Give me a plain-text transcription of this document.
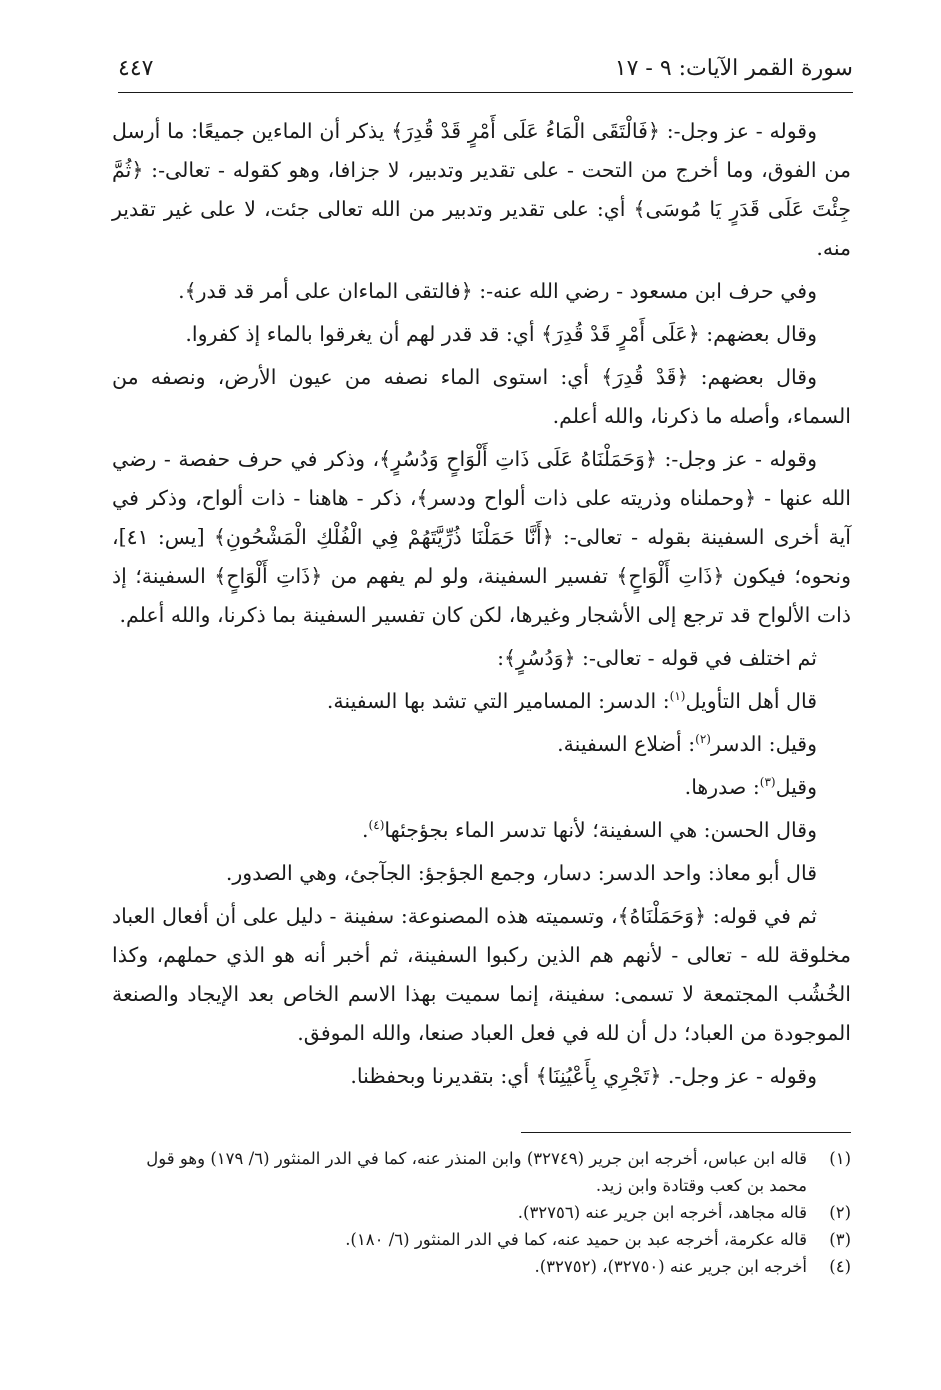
سورة القمر الآيات: ٩ - ١٧
٤٤٧

وقوله - عز وجل-: ﴿فَالْتَقَى الْمَاءُ عَلَى أَمْرٍ قَدْ قُدِرَ﴾ يذكر أن الماءين جميعًا: ما أرسل من الفوق، وما أخرج من التحت - على تقدير وتدبير، لا جزافا، وهو كقوله - تعالى-: ﴿ثُمَّ جِئْتَ عَلَى قَدَرٍ يَا مُوسَى﴾ أي: على تقدير وتدبير من الله تعالى جئت، لا على غير تقدير منه.

وفي حرف ابن مسعود - رضي الله عنه-: ﴿فالتقى الماءان على أمر قد قدر﴾.

وقال بعضهم: ﴿عَلَى أَمْرٍ قَدْ قُدِرَ﴾ أي: قد قدر لهم أن يغرقوا بالماء إذ كفروا.

وقال بعضهم: ﴿قَدْ قُدِرَ﴾ أي: استوى الماء نصفه من عيون الأرض، ونصفه من السماء، وأصله ما ذكرنا، والله أعلم.

وقوله - عز وجل-: ﴿وَحَمَلْنَاهُ عَلَى ذَاتِ أَلْوَاحٍ وَدُسُرٍ﴾، وذكر في حرف حفصة - رضي الله عنها - ﴿وحملناه وذريته على ذات ألواح ودسر﴾، ذكر - هاهنا - ذات ألواح، وذكر في آية أخرى السفينة بقوله - تعالى-: ﴿أَنَّا حَمَلْنَا ذُرِّيَّتَهُمْ فِي الْفُلْكِ الْمَشْحُونِ﴾ [يس: ٤١]، ونحوه؛ فيكون ﴿ذَاتِ أَلْوَاحٍ﴾ تفسير السفينة، ولو لم يفهم من ﴿ذَاتِ أَلْوَاحٍ﴾ السفينة؛ إذ ذات الألواح قد ترجع إلى الأشجار وغيرها، لكن كان تفسير السفينة بما ذكرنا، والله أعلم.

ثم اختلف في قوله - تعالى-: ﴿وَدُسُرٍ﴾:

قال أهل التأويل$^{(١)}$: الدسر: المسامير التي تشد بها السفينة.

وقيل: الدسر$^{(٢)}$: أضلاع السفينة.

وقيل$^{(٣)}$: صدرها.

وقال الحسن: هي السفينة؛ لأنها تدسر الماء بجؤجئها$^{(٤)}$.

قال أبو معاذ: واحد الدسر: دسار، وجمع الجؤجؤ: الجآجئ، وهي الصدور.

ثم في قوله: ﴿وَحَمَلْنَاهُ﴾، وتسميته هذه المصنوعة: سفينة - دليل على أن أفعال العباد مخلوقة لله - تعالى - لأنهم هم الذين ركبوا السفينة، ثم أخبر أنه هو الذي حملهم، وكذا الخُشُب المجتمعة لا تسمى: سفينة، إنما سميت بهذا الاسم الخاص بعد الإيجاد والصنعة الموجودة من العباد؛ دل أن لله في فعل العباد صنعا، والله الموفق.

وقوله - عز وجل-. ﴿تَجْرِي بِأَعْيُنِنَا﴾ أي: بتقديرنا وبحفظنا.

(١)
قاله ابن عباس، أخرجه ابن جرير (٣٢٧٤٩) وابن المنذر عنه، كما في الدر المنثور (٦/ ١٧٩) وهو قول محمد بن كعب وقتادة وابن زيد.
(٢)
قاله مجاهد، أخرجه ابن جرير عنه (٣٢٧٥٦).
(٣)
قاله عكرمة، أخرجه عبد بن حميد عنه، كما في الدر المنثور (٦/ ١٨٠).
(٤)
أخرجه ابن جرير عنه (٣٢٧٥٠)، (٣٢٧٥٢).
